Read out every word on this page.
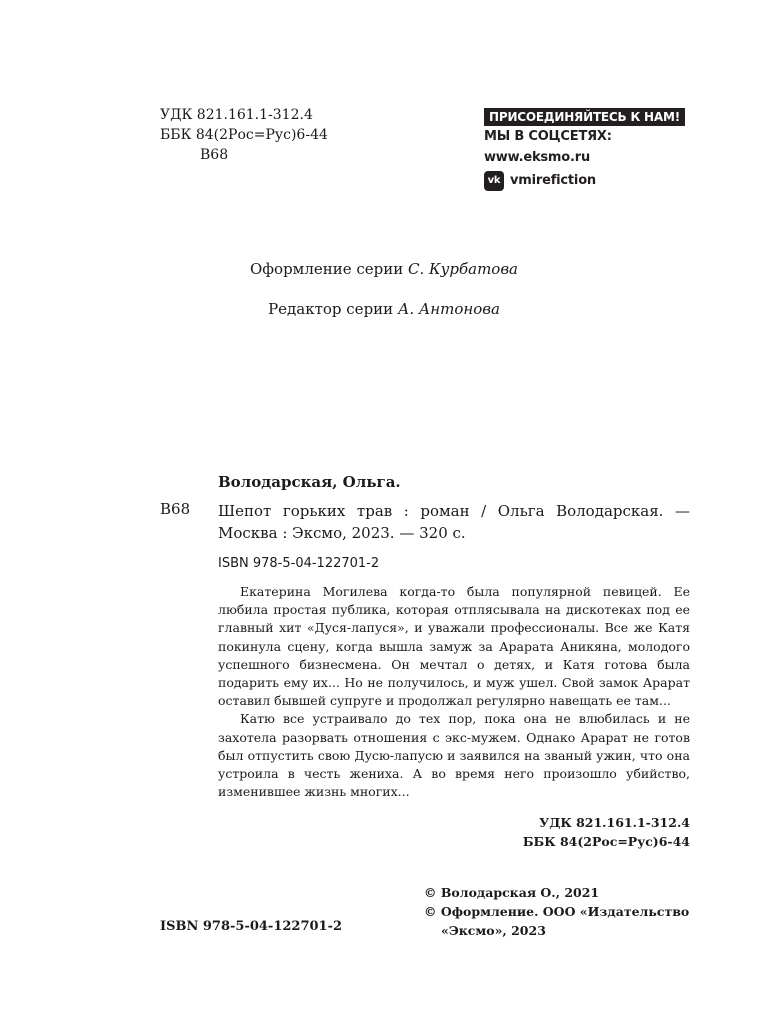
УДК 821.161.1-312.4
ББК 84(2Рос=Рус)6-44
В68
ПРИСОЕДИНЯЙТЕСЬ К НАМ!
МЫ В СОЦСЕТЯХ:
www.eksmo.ru
vk vmirefiction
Оформление серии С. Курбатова
Редактор серии А. Антонова
Володарская, Ольга.
В68 Шепот горьких трав : роман / Ольга Володарская. — Москва : Эксмо, 2023. — 320 с.
ISBN 978-5-04-122701-2

Екатерина Могилева когда-то была популярной певицей. Ее любила простая публика, которая отплясывала на дискотеках под ее главный хит «Дуся-лапуся», и уважали профессионалы. Все же Катя покинула сцену, когда вышла замуж за Арарата Аникяна, молодого успешного бизнесмена. Он мечтал о детях, и Катя готова была подарить ему их... Но не получилось, и муж ушел. Свой замок Арарат оставил бывшей супруге и продолжал регулярно навещать ее там...

Катю все устраивало до тех пор, пока она не влюбилась и не захотела разорвать отношения с экс-мужем. Однако Арарат не готов был отпустить свою Дусю-лапусю и заявился на званый ужин, что она устроила в честь жениха. А во время него произошло убийство, изменившее жизнь многих...

УДК 821.161.1-312.4
ББК 84(2Рос=Рус)6-44
ISBN 978-5-04-122701-2
© Володарская О., 2021
© Оформление. ООО «Издательство
«Эксмо», 2023
